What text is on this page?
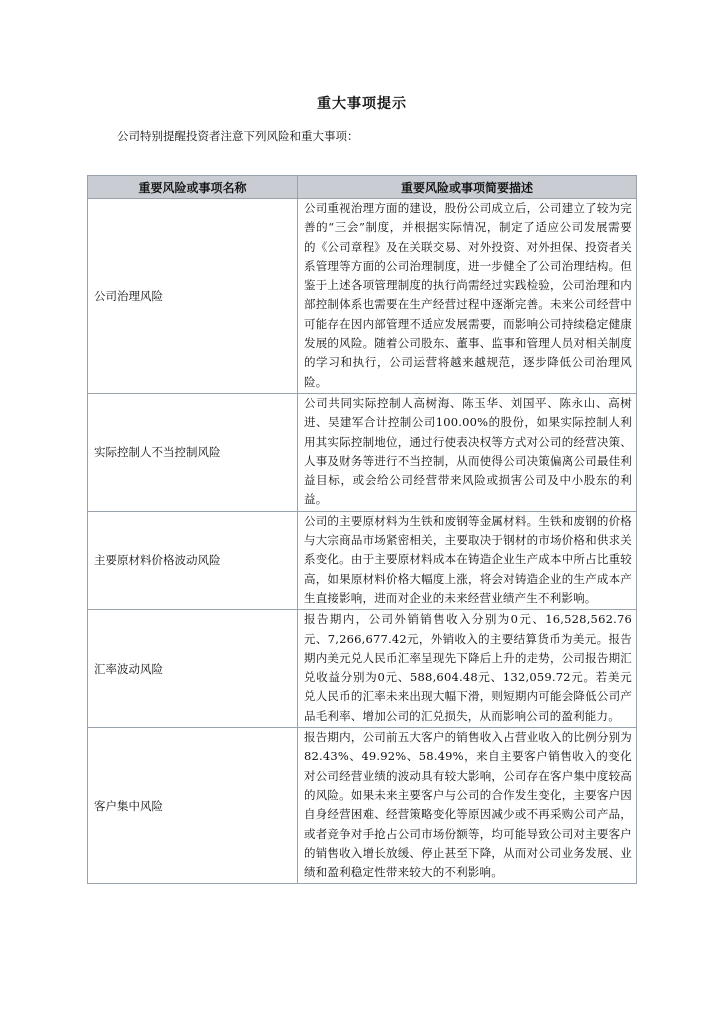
重大事项提示
公司特别提醒投资者注意下列风险和重大事项：
重要风险或事项名称	重要风险或事项简要描述
公司治理风险	公司重视治理方面的建设，股份公司成立后，公司建立了较为完善的“三会”制度，并根据实际情况，制定了适应公司发展需要的《公司章程》及在关联交易、对外投资、对外担保、投资者关系管理等方面的公司治理制度，进一步健全了公司治理结构。但鉴于上述各项管理制度的执行尚需经过实践检验，公司治理和内部控制体系也需要在生产经营过程中逐渐完善。未来公司经营中可能存在因内部管理不适应发展需要，而影响公司持续稳定健康发展的风险。随着公司股东、董事、监事和管理人员对相关制度的学习和执行，公司运营将越来越规范，逐步降低公司治理风险。
实际控制人不当控制风险	公司共同实际控制人高树海、陈玉华、刘国平、陈永山、高树进、吴建军合计控制公司100.00%的股份，如果实际控制人利用其实际控制地位，通过行使表决权等方式对公司的经营决策、人事及财务等进行不当控制，从而使得公司决策偏离公司最佳利益目标，或会给公司经营带来风险或损害公司及中小股东的利益。
主要原材料价格波动风险	公司的主要原材料为生铁和废钢等金属材料。生铁和废钢的价格与大宗商品市场紧密相关，主要取决于钢材的市场价格和供求关系变化。由于主要原材料成本在铸造企业生产成本中所占比重较高，如果原材料价格大幅度上涨，将会对铸造企业的生产成本产生直接影响，进而对企业的未来经营业绩产生不利影响。
汇率波动风险	报告期内，公司外销销售收入分别为0元、16,528,562.76元、7,266,677.42元，外销收入的主要结算货币为美元。报告期内美元兑人民币汇率呈现先下降后上升的走势，公司报告期汇兑收益分别为0元、588,604.48元、132,059.72元。若美元兑人民币的汇率未来出现大幅下滑，则短期内可能会降低公司产品毛利率、增加公司的汇兑损失，从而影响公司的盈利能力。
客户集中风险	报告期内，公司前五大客户的销售收入占营业收入的比例分别为82.43%、49.92%、58.49%，来自主要客户销售收入的变化对公司经营业绩的波动具有较大影响，公司存在客户集中度较高的风险。如果未来主要客户与公司的合作发生变化，主要客户因自身经营困难、经营策略变化等原因减少或不再采购公司产品，或者竞争对手抢占公司市场份额等，均可能导致公司对主要客户的销售收入增长放缓、停止甚至下降，从而对公司业务发展、业绩和盈利稳定性带来较大的不利影响。
